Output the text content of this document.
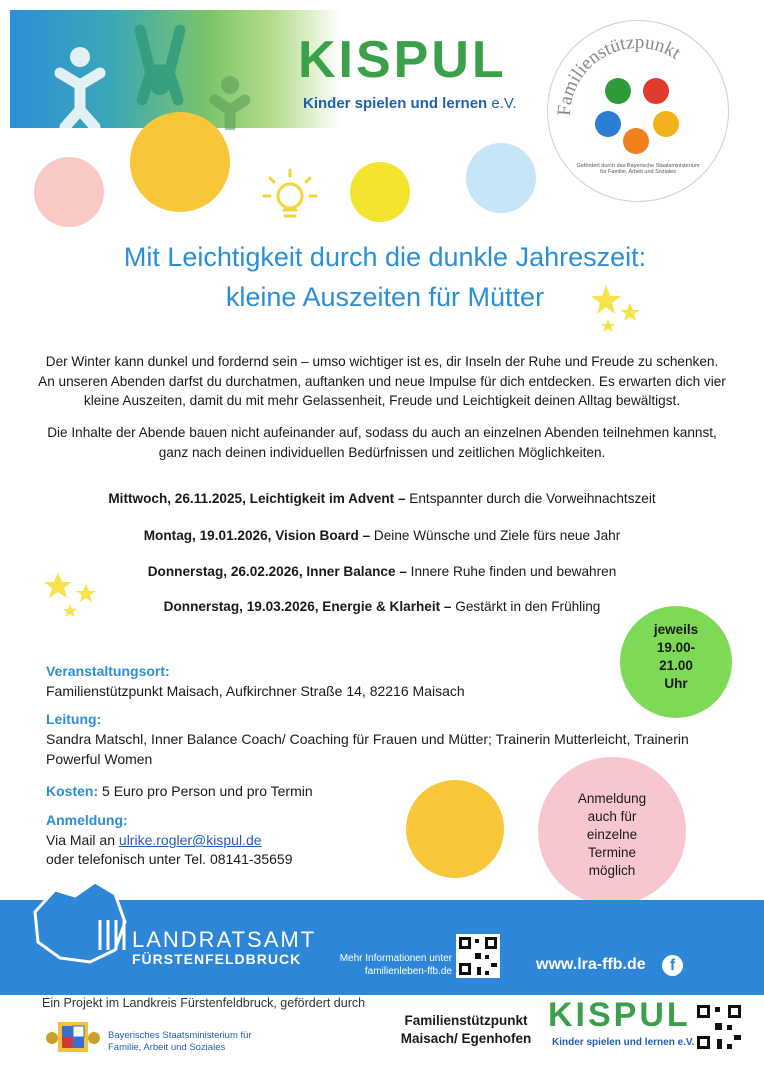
KISPUL
Kinder spielen und lernen e.V. Familienstützpunkt
Gefördert durch das Bayerische Staatsministerium für Familie, Arbeit und Soziales
Mit Leichtigkeit durch die dunkle Jahreszeit:
kleine Auszeiten für Mütter
Der Winter kann dunkel und fordernd sein – umso wichtiger ist es, dir Inseln der Ruhe und Freude zu schenken. An unseren Abenden darfst du durchatmen, auftanken und neue Impulse für dich entdecken. Es erwarten dich vier kleine Auszeiten, damit du mit mehr Gelassenheit, Freude und Leichtigkeit deinen Alltag bewältigst.
Die Inhalte der Abende bauen nicht aufeinander auf, sodass du auch an einzelnen Abenden teilnehmen kannst, ganz nach deinen individuellen Bedürfnissen und zeitlichen Möglichkeiten.
Mittwoch, 26.11.2025, Leichtigkeit im Advent – Entspannter durch die Vorweihnachtszeit
Montag, 19.01.2026, Vision Board – Deine Wünsche und Ziele fürs neue Jahr
Donnerstag, 26.02.2026, Inner Balance – Innere Ruhe finden und bewahren
Donnerstag, 19.03.2026, Energie & Klarheit – Gestärkt in den Frühling
jeweils
19.00-
21.00
Uhr
Veranstaltungsort:
Familienstützpunkt Maisach, Aufkirchner Straße 14, 82216 Maisach
Leitung:
Sandra Matschl, Inner Balance Coach/ Coaching für Frauen und Mütter; Trainerin Mutterleicht, Trainerin Powerful Women
Kosten: 5 Euro pro Person und pro Termin
Anmeldung:
Via Mail an ulrike.rogler@kispul.de
oder telefonisch unter Tel. 08141-35659
Anmeldung
auch für
einzelne
Termine
möglich
LANDRATSAMT
FÜRSTENFELDBRUCK	Mehr Informationen unter
familienleben-ffb.de	www.lra-ffb.de	f
Ein Projekt im Landkreis Fürstenfeldbruck, gefördert durch
Bayerisches Staatsministerium für
Familie, Arbeit und Soziales
Familienstützpunkt
Maisach/ Egenhofen
KISPUL
Kinder spielen und lernen e.V.
